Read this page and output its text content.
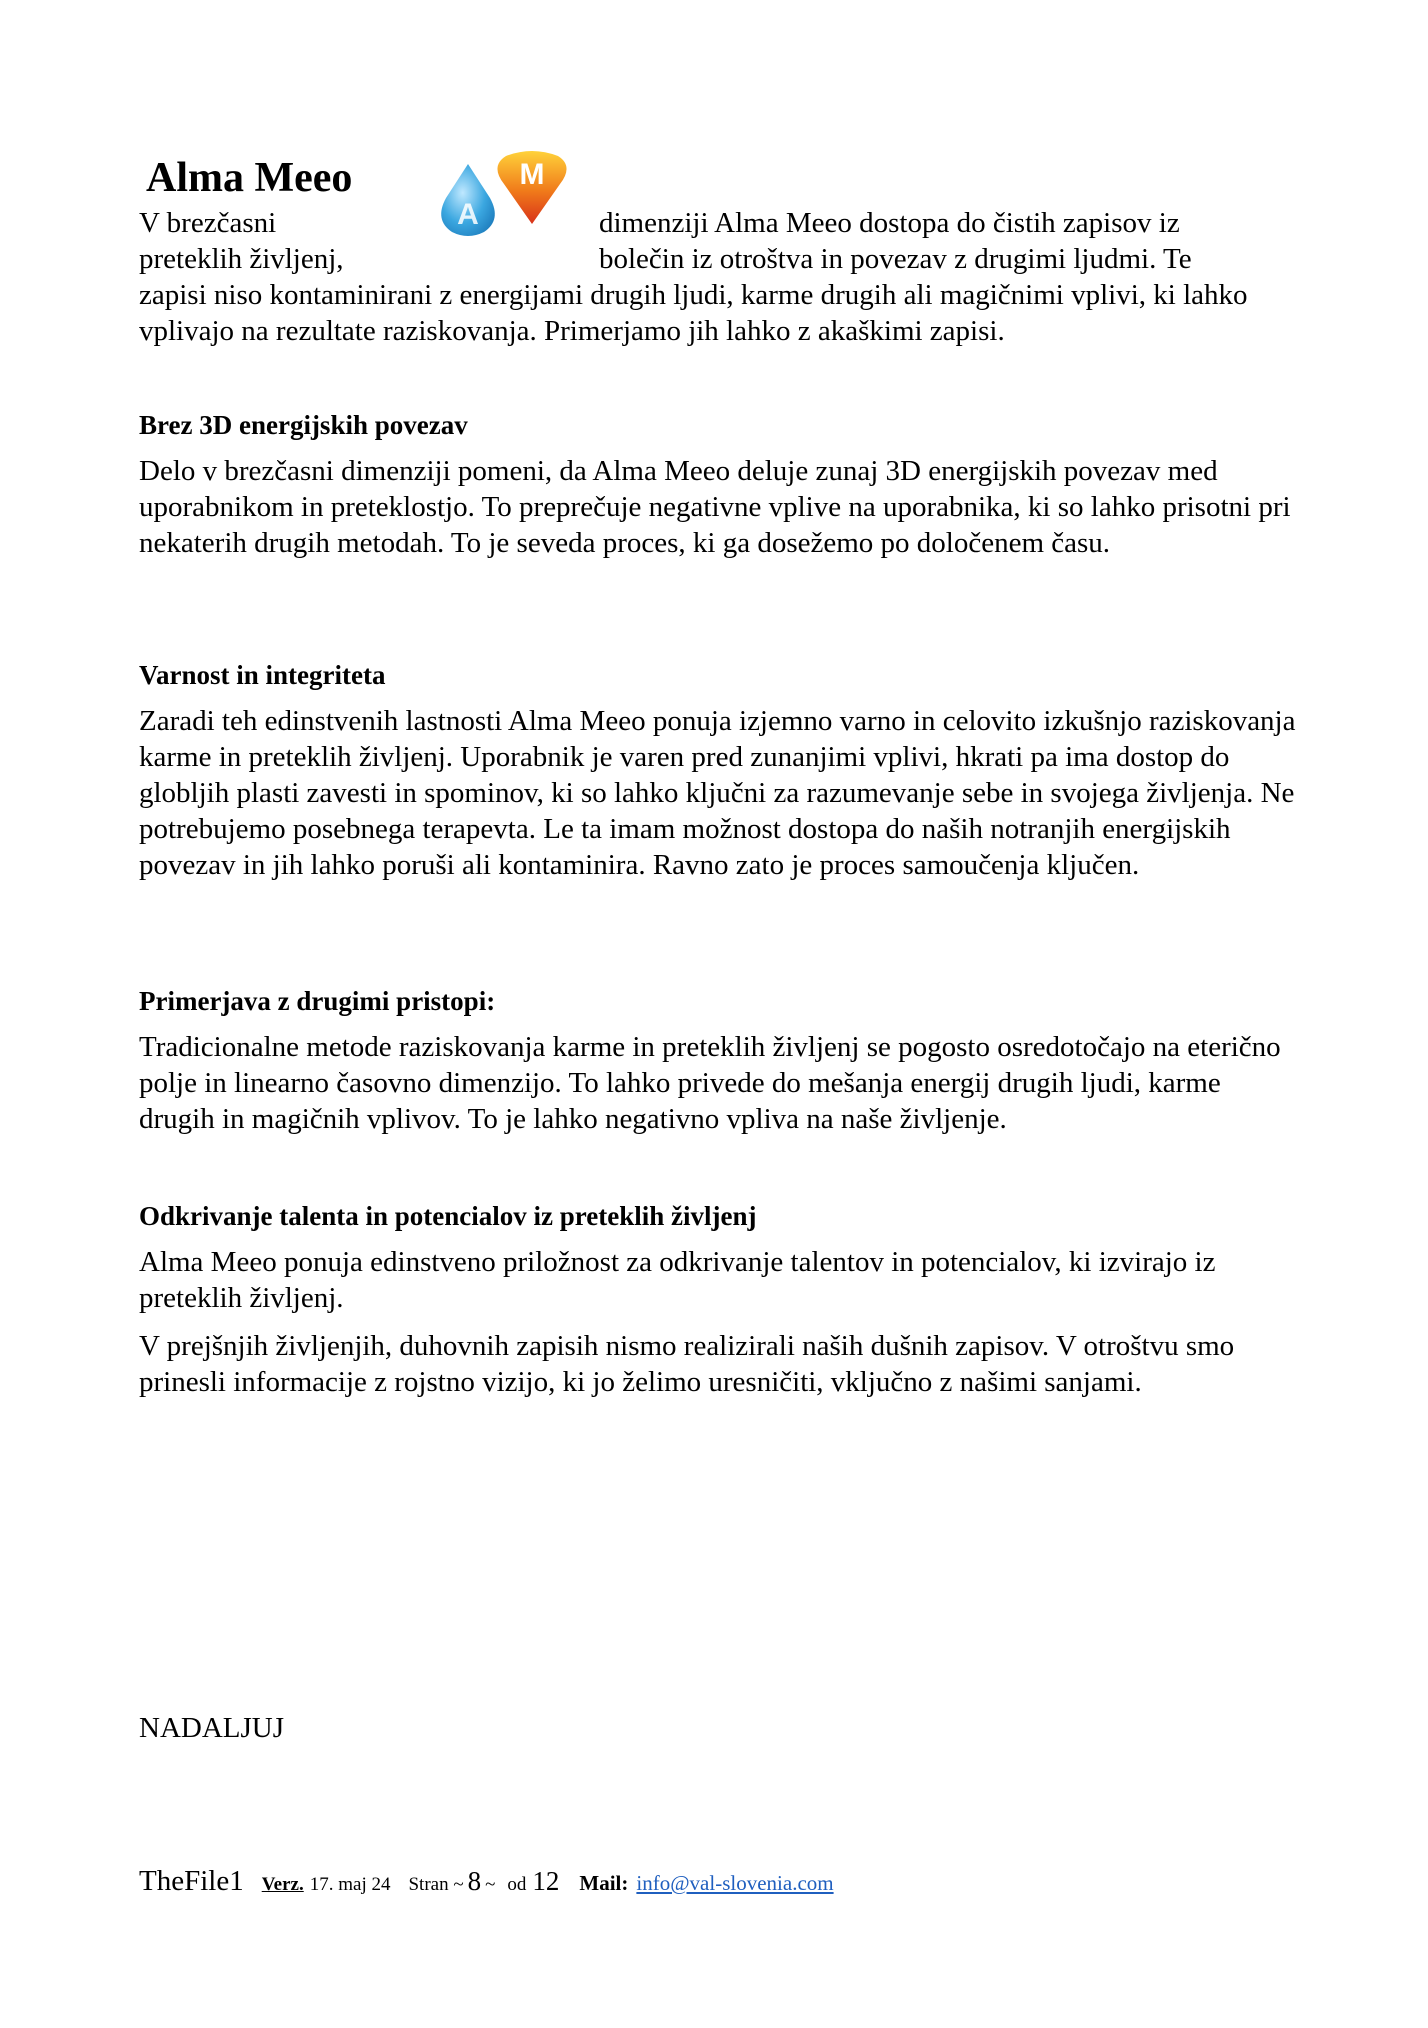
Alma Meeo	M
A
V brezčasni	dimenziji Alma Meeo dostopa do čistih zapisov iz
preteklih življenj,	bolečin iz otroštva in povezav z drugimi ljudmi. Te

zapisi niso kontaminirani z energijami drugih ljudi, karme drugih ali magičnimi vplivi, ki lahko vplivajo na rezultate raziskovanja. Primerjamo jih lahko z akaškimi zapisi.

Brez 3D energijskih povezav

Delo v brezčasni dimenziji pomeni, da Alma Meeo deluje zunaj 3D energijskih povezav med uporabnikom in preteklostjo. To preprečuje negativne vplive na uporabnika, ki so lahko prisotni pri nekaterih drugih metodah. To je seveda proces, ki ga dosežemo po določenem času.

Varnost in integriteta

Zaradi teh edinstvenih lastnosti Alma Meeo ponuja izjemno varno in celovito izkušnjo raziskovanja karme in preteklih življenj. Uporabnik je varen pred zunanjimi vplivi, hkrati pa ima dostop do globljih plasti zavesti in spominov, ki so lahko ključni za razumevanje sebe in svojega življenja. Ne potrebujemo posebnega terapevta. Le ta imam možnost dostopa do naših notranjih energijskih povezav in jih lahko poruši ali kontaminira. Ravno zato je proces samoučenja ključen.

Primerjava z drugimi pristopi:

Tradicionalne metode raziskovanja karme in preteklih življenj se pogosto osredotočajo na eterično polje in linearno časovno dimenzijo. To lahko privede do mešanja energij drugih ljudi, karme drugih in magičnih vplivov. To je lahko negativno vpliva na naše življenje.

Odkrivanje talenta in potencialov iz preteklih življenj

Alma Meeo ponuja edinstveno priložnost za odkrivanje talentov in potencialov, ki izvirajo iz preteklih življenj.

V prejšnjih življenjih, duhovnih zapisih nismo realizirali naših dušnih zapisov. V otroštvu smo prinesli informacije z rojstno vizijo, ki jo želimo uresničiti, vključno z našimi sanjami.

NADALJUJ
TheFile1 Verz. 17. maj 24 Stran ~ 8 ~ od 12 Mail: info@val-slovenia.com
